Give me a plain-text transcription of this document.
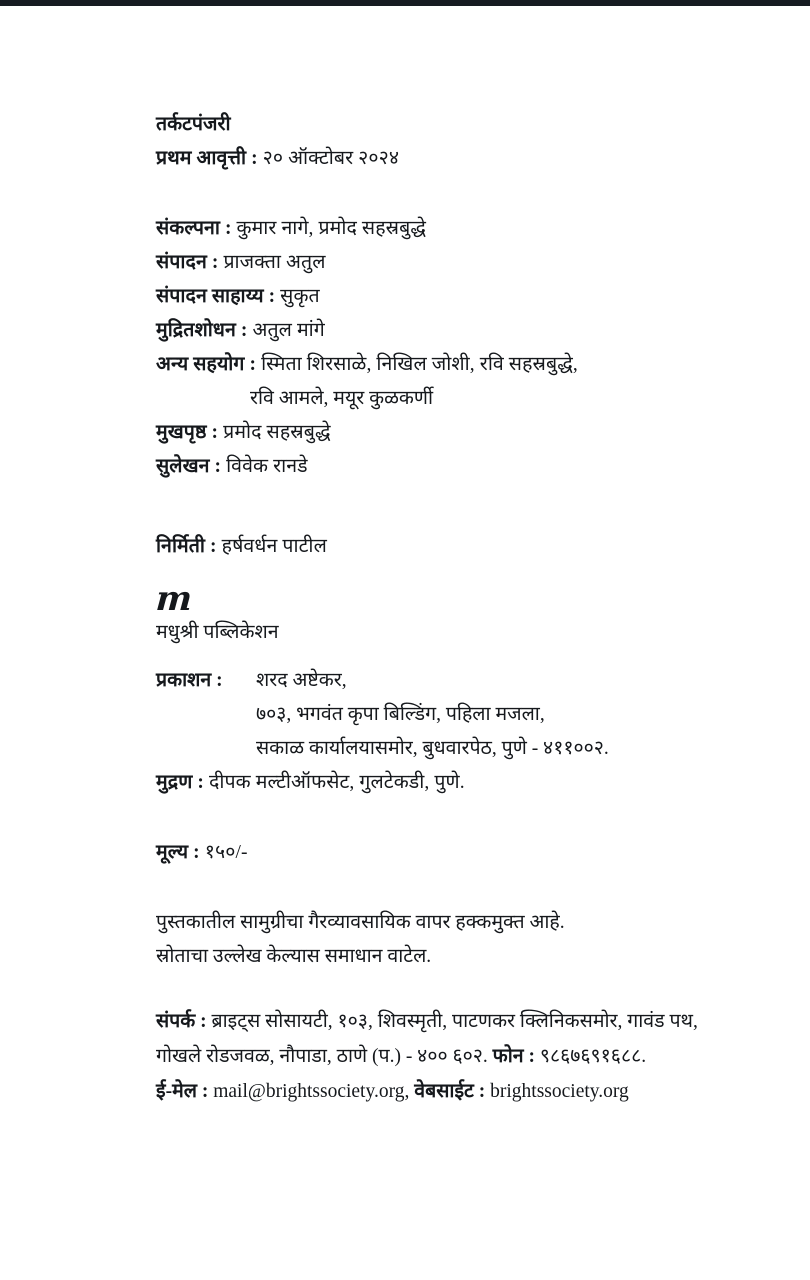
तर्कटपंजरी
प्रथम आवृत्ती : २० ऑक्टोबर २०२४
संकल्पना : कुमार नागे, प्रमोद सहस्रबुद्धे
संपादन : प्राजक्ता अतुल
संपादन साहाय्य : सुकृत
मुद्रितशोधन : अतुल मांगे
अन्य सहयोग : स्मिता शिरसाळे, निखिल जोशी, रवि सहस्रबुद्धे,
रवि आमले, मयूर कुळकर्णी
मुखपृष्ठ : प्रमोद सहस्रबुद्धे
सुलेखन : विवेक रानडे
निर्मिती : हर्षवर्धन पाटील
m
मधुश्री पब्लिकेशन
प्रकाशन :	शरद अष्टेकर,
७०३, भगवंत कृपा बिल्डिंग, पहिला मजला,
सकाळ कार्यालयासमोर, बुधवारपेठ, पुणे - ४११००२.
मुद्रण : दीपक मल्टीऑफसेट, गुलटेकडी, पुणे.
मूल्य : १५०/-
पुस्तकातील सामुग्रीचा गैरव्यावसायिक वापर हक्कमुक्त आहे.
स्रोताचा उल्लेख केल्यास समाधान वाटेल.
संपर्क : ब्राइट्स सोसायटी, १०३, शिवस्मृती, पाटणकर क्लिनिकसमोर, गावंड पथ, गोखले रोडजवळ, नौपाडा, ठाणे (प.) - ४०० ६०२. फोन : ९८६७६९१६८८.
ई-मेल : mail@brightssociety.org, वेबसाईट : brightssociety.org
